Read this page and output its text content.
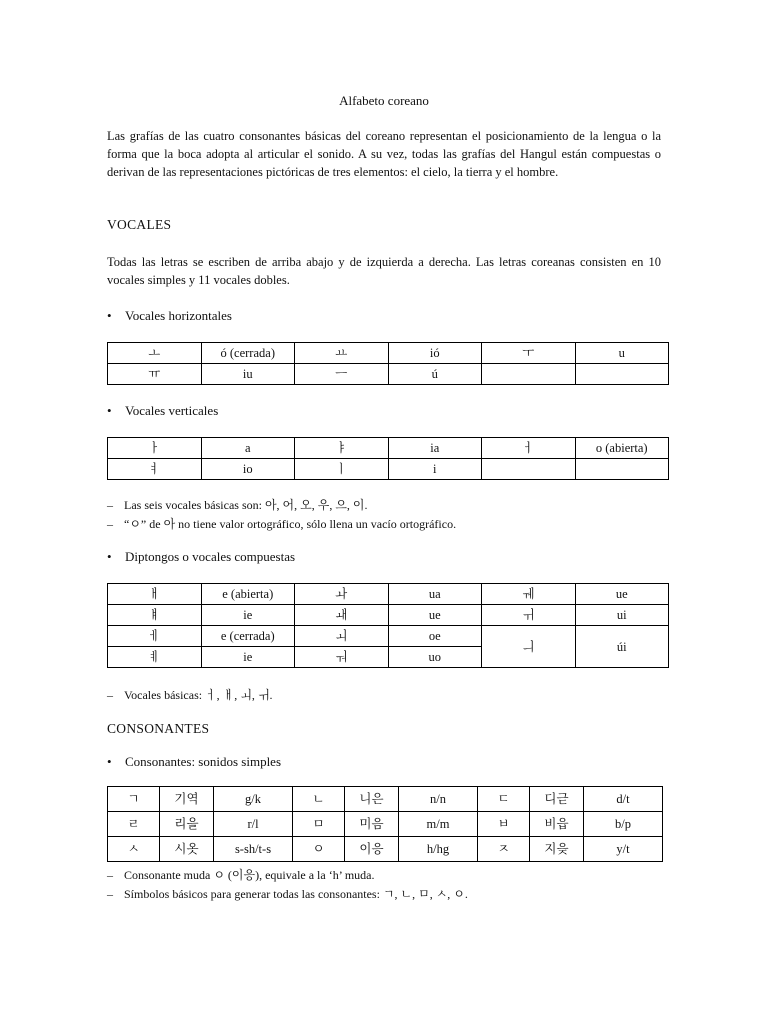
Alfabeto coreano
Las grafías de las cuatro consonantes básicas del coreano representan el posicionamiento de la lengua o la forma que la boca adopta al articular el sonido. A su vez, todas las grafías del Hangul están compuestas o derivan de las representaciones pictóricas de tres elementos: el cielo, la tierra y el hombre.
VOCALES
Todas las letras se escriben de arriba abajo y de izquierda a derecha. Las letras coreanas consisten en 10 vocales simples y 11 vocales dobles.
• Vocales horizontales
ㅗ	ó (cerrada)	ㅛ	ió	ㅜ	u
ㅠ	iu	ㅡ	ú		
• Vocales verticales
ㅏ	a	ㅑ	ia	ㅓ	o (abierta)
ㅕ	io	ㅣ	i		
– Las seis vocales básicas son: 아, 어, 오, 우, 으, 이.
– “ㅇ” de 아 no tiene valor ortográfico, sólo llena un vacío ortográfico.
• Diptongos o vocales compuestas
ㅐ	e (abierta)	ㅘ	ua	ㅞ	ue
ㅒ	ie	ㅙ	ue	ㅟ	ui
ㅔ	e (cerrada)	ㅚ	oe	ㅢ	úi
ㅖ	ie	ㅝ	uo		
– Vocales básicas: ㅓ, ㅐ, ㅚ, ㅟ.
CONSONANTES
• Consonantes: sonidos simples
ㄱ	기역	g/k	ㄴ	니은	n/n	ㄷ	디귿	d/t
ㄹ	리을	r/l	ㅁ	미음	m/m	ㅂ	비읍	b/p
ㅅ	시옷	s-sh/t-s	ㅇ	이응	h/hg	ㅈ	지읒	y/t
– Consonante muda ㅇ (이응), equivale a la ‘h’ muda.
– Símbolos básicos para generar todas las consonantes: ㄱ, ㄴ, ㅁ, ㅅ, ㅇ.
